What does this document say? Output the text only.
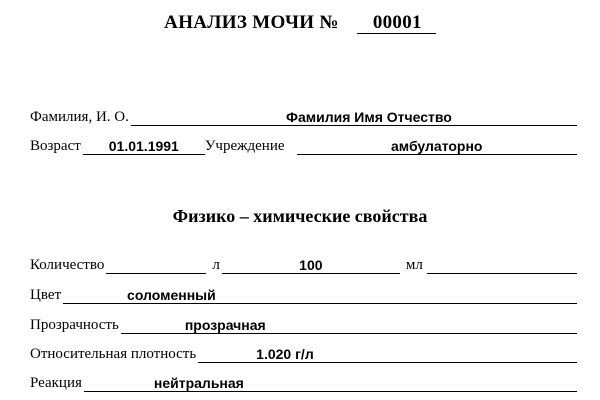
АНАЛИЗ МОЧИ № 00001
Фамилия, И. О.	Фамилия Имя Отчество
Возраст	01.01.1991	Учреждение	амбулаторно
Физико – химические свойства
Количество	л	100	мл
Цвет	соломенный
Прозрачность	прозрачная
Относительная плотность	1.020 г/л
Реакция	нейтральная
